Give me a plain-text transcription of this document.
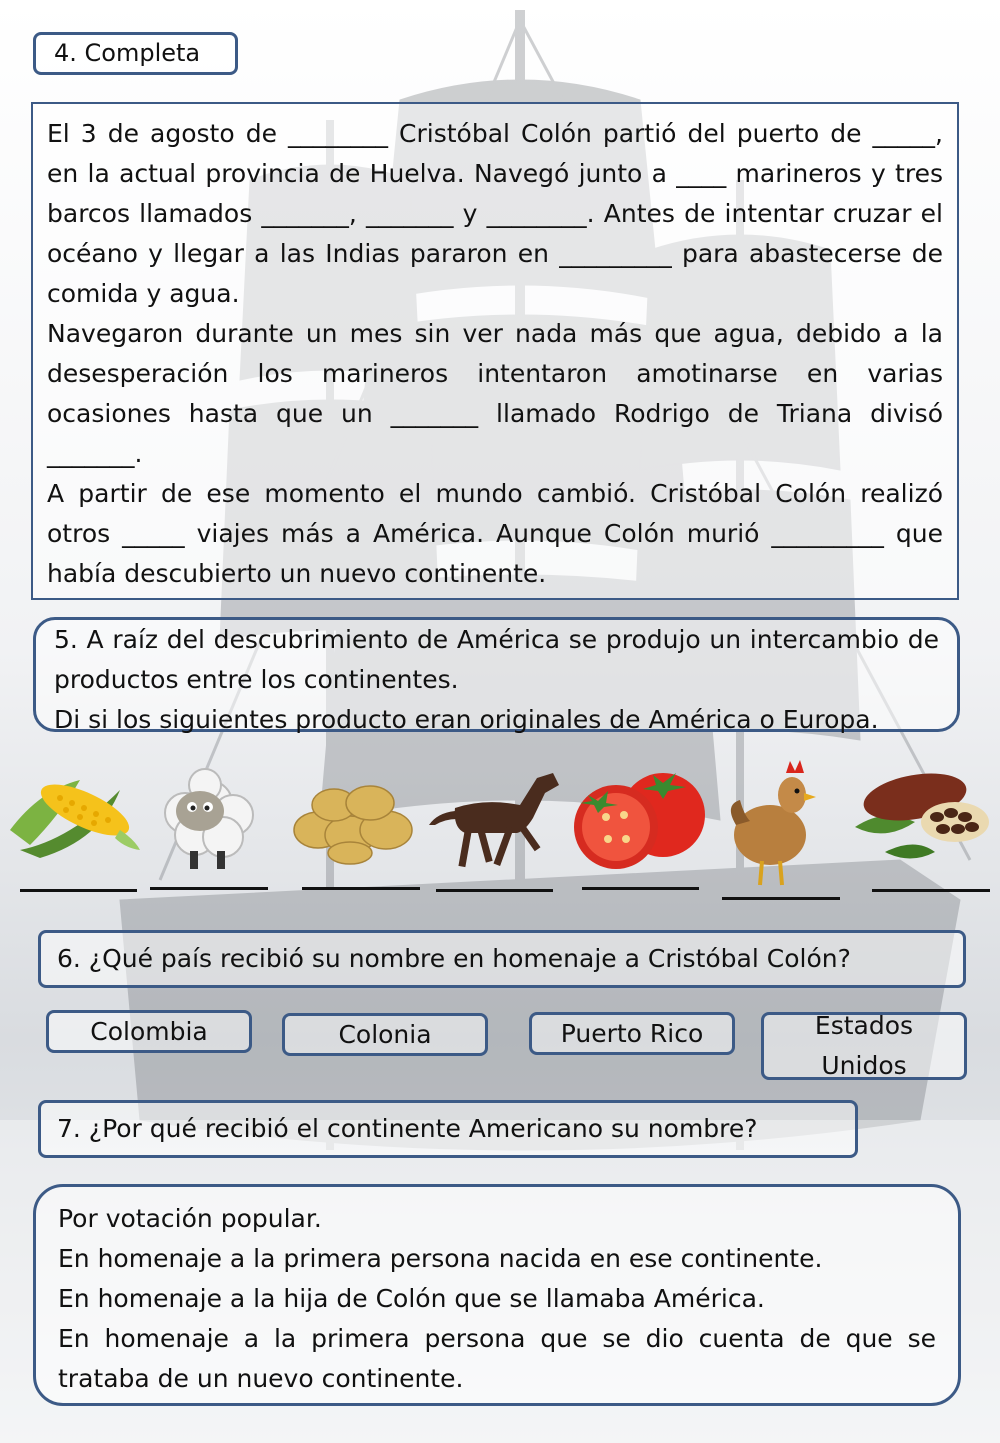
4. Completa

El 3 de agosto de ________ Cristóbal Colón partió del puerto de _____, en la actual provincia de Huelva. Navegó junto a ____ marineros y tres barcos llamados _______, _______ y ________. Antes de intentar cruzar el océano y llegar a las Indias pararon en _________ para abastecerse de comida y agua.

Navegaron durante un mes sin ver nada más que agua, debido a la desesperación los marineros intentaron amotinarse en varias ocasiones hasta que un _______ llamado Rodrigo de Triana divisó _______.

A partir de ese momento el mundo cambió. Cristóbal Colón realizó otros _____ viajes más a América. Aunque Colón murió _________ que había descubierto un nuevo continente.

5. A raíz del descubrimiento de América se produjo un intercambio de productos entre los continentes.

Di si los siguientes producto eran originales de América o Europa.

6. ¿Qué país recibió su nombre en homenaje a Cristóbal Colón?
Colombia	Colonia	Puerto Rico	Estados Unidos
7. ¿Por qué recibió el continente Americano su nombre?

Por votación popular.

En homenaje a la primera persona nacida en ese continente.

En homenaje a la hija de Colón que se llamaba América.

En homenaje a la primera persona que se dio cuenta de que se trataba de un nuevo continente.
